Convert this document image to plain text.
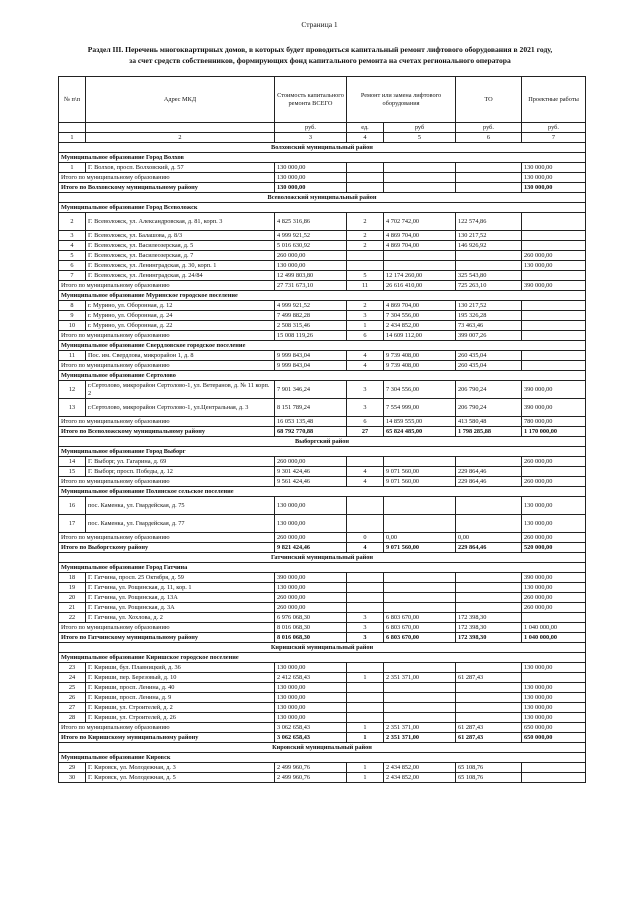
Страница 1
Раздел III. Перечень многоквартирных домов, в которых будет проводиться капитальный ремонт лифтового оборудования в 2021 году,
за счет средств собственников, формирующих фонд капитального ремонта на счетах регионального оператора
№ п\п	Адрес МКД	Стоимость капитального ремонта ВСЕГО	Ремонт или замена лифтового оборудования		ТО	Проектные работы
		руб.	ед.	руб	руб.	руб.
1	2	3	4	5	6	7
Волховский муниципальный район						
Муниципальное образование Город Волхов						
1	Г. Волхов, просп. Волховский, д. 57	130 000,00				130 000,00
Итого по муниципальному образованию		130 000,00				130 000,00
Итого по Волховскому муниципальному району		130 000,00				130 000,00
Всеволожский муниципальный район						
Муниципальное образование Город Всеволожск						
2	Г. Всеволожск, ул. Александровская, д. 81, корп. 3	4 825 316,86	2	4 702 742,00	122 574,86	
3	Г. Всеволожск, ул. Балашова, д. 8/3	4 999 921,52	2	4 869 704,00	130 217,52	
4	Г. Всеволожск, ул. Василеозерская, д. 5	5 016 630,92	2	4 869 704,00	146 926,92	
5	Г. Всеволожск, ул. Василеозерская, д. 7	260 000,00				260 000,00
6	Г. Всеволожск, ул. Ленинградская, д. 30, корп. 1	130 000,00				130 000,00
7	Г. Всеволожск, ул. Ленинградская, д. 24/84	12 499 803,80	5	12 174 260,00	325 543,80	
Итого по муниципальному образованию		27 731 673,10	11	26 616 410,00	725 263,10	390 000,00
Муниципальное образование Муринское городское поселение						
8	г. Мурино, ул. Оборонная, д. 12	4 999 921,52	2	4 869 704,00	130 217,52	
9	г. Мурино, ул. Оборонная, д. 24	7 499 882,28	3	7 304 556,00	195 326,28	
10	г. Мурино, ул. Оборонная, д. 22	2 508 315,46	1	2 434 852,00	73 463,46	
Итого по муниципальному образованию		15 008 119,26	6	14 609 112,00	399 007,26	
Муниципальное образование Свердловское городское поселение						
11	Пос. им. Свердлова, микрорайон 1, д. 8	9 999 843,04	4	9 739 408,00	260 435,04	
Итого по муниципальному образованию		9 999 843,04	4	9 739 408,00	260 435,04	
Муниципальное образование Сертолово						
12	г.Сертолово, микрорайон Сертолово-1, ул. Ветеранов, д. № 11 корп. 2	7 901 346,24	3	7 304 556,00	206 790,24	390 000,00
13	г.Сертолово, микрорайон Сертолово-1, ул.Центральная, д. 3	8 151 789,24	3	7 554 999,00	206 790,24	390 000,00
Итого по муниципальному образованию		16 053 135,48	6	14 859 555,00	413 580,48	780 000,00
Итого по Всеволожскому муниципальному району		68 792 770,88	27	65 824 485,00	1 798 285,88	1 170 000,00
Выборгский район						
Муниципальное образование Город Выборг						
14	Г. Выборг, ул. Гагарина, д. 69	260 000,00				260 000,00
15	Г. Выборг, просп. Победы, д. 12	9 301 424,46	4	9 071 560,00	229 864,46	
Итого по муниципальному образованию		9 561 424,46	4	9 071 560,00	229 864,46	260 000,00
Муниципальное образование Полянское сельское поселение						
16	пос. Каменка, ул. Гвардейская, д. 75	130 000,00				130 000,00
17	пос. Каменка, ул. Гвардейская, д. 77	130 000,00				130 000,00
Итого по муниципальному образованию		260 000,00	0	0,00	0,00	260 000,00
Итого по Выборгскому району		9 821 424,46	4	9 071 560,00	229 864,46	520 000,00
Гатчинский муниципальный район						
Муниципальное образование Город Гатчина						
18	Г. Гатчина, просп. 25 Октября, д. 59	390 000,00				390 000,00
19	Г. Гатчина, ул. Рощинская, д. 11, кор. 1	130 000,00				130 000,00
20	Г. Гатчина, ул. Рощинская, д. 13А	260 000,00				260 000,00
21	Г. Гатчина, ул. Рощинская, д. 3А	260 000,00				260 000,00
22	Г. Гатчина, ул. Хохлова, д. 2	6 976 068,30	3	6 803 670,00	172 398,30	
Итого по муниципальному образованию		8 016 068,30	3	6 803 670,00	172 398,30	1 040 000,00
Итого по Гатчинскому муниципальному району		8 016 068,30	3	6 803 670,00	172 398,30	1 040 000,00
Киришский муниципальный район						
Муниципальное образование Киришское городское поселение						
23	Г. Кириши, бул. Плавницкий, д. 36	130 000,00				130 000,00
24	Г. Кириши, пер. Березовый, д. 10	2 412 658,43	1	2 351 371,00	61 287,43	
25	Г. Кириши, просп. Ленина, д. 40	130 000,00				130 000,00
26	Г. Кириши, просп. Ленина, д. 9	130 000,00				130 000,00
27	Г. Кириши, ул. Строителей, д. 2	130 000,00				130 000,00
28	Г. Кириши, ул. Строителей, д. 26	130 000,00				130 000,00
Итого по муниципальному образованию		3 062 658,43	1	2 351 371,00	61 287,43	650 000,00
Итого по Киришскому муниципальному району		3 062 658,43	1	2 351 371,00	61 287,43	650 000,00
Кировский муниципальный район						
Муниципальное образование Кировск						
29	Г. Кировск, ул. Молодежная, д. 3	2 499 960,76	1	2 434 852,00	65 108,76	
30	Г. Кировск, ул. Молодежная, д. 5	2 499 960,76	1	2 434 852,00	65 108,76	
